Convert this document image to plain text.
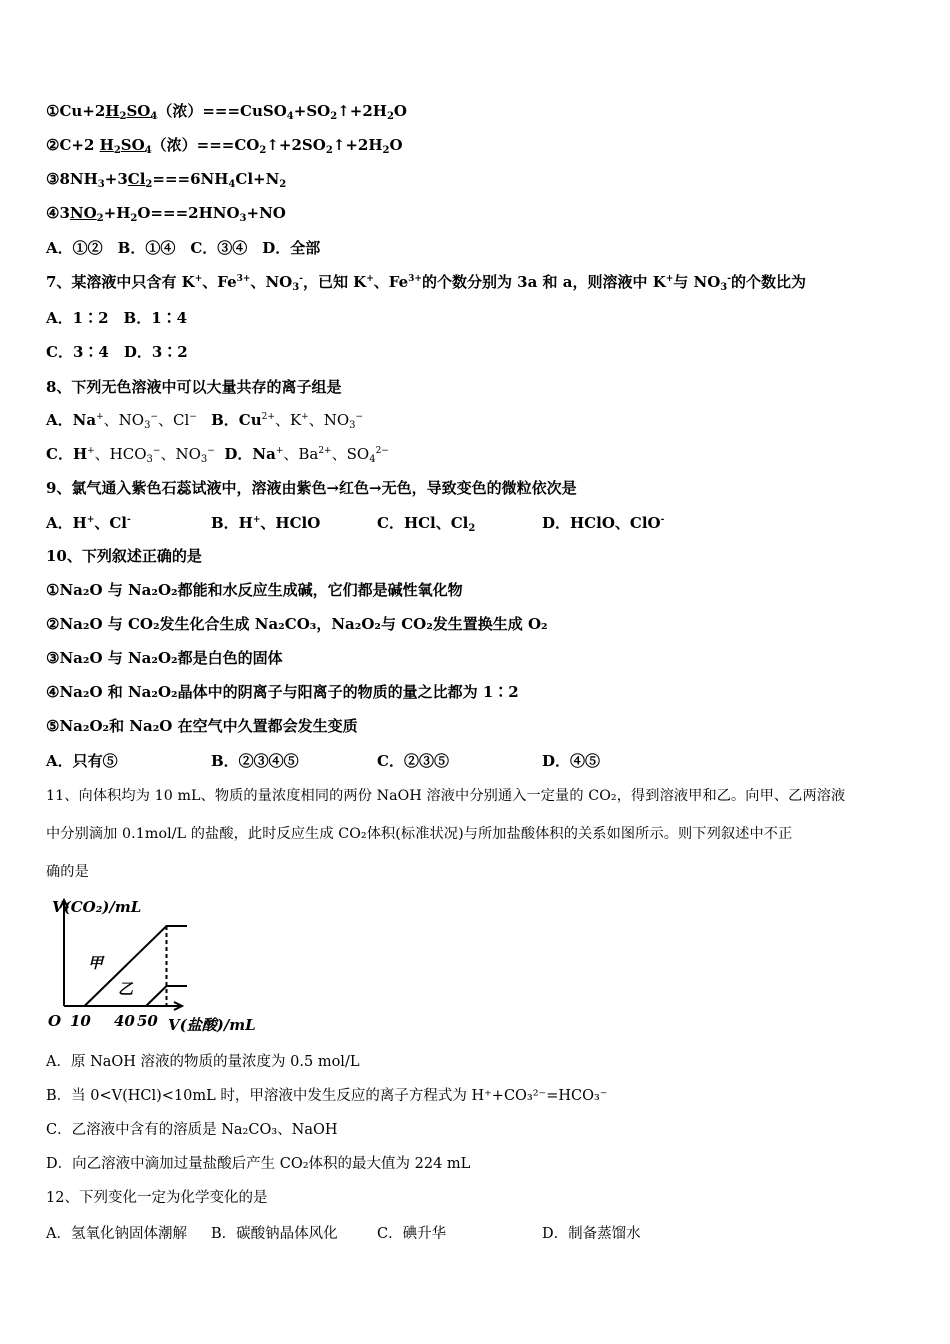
$①Cu+2H_2SO_4$（浓）$===CuSO_4+SO_2↑+2H_2O$
②C+2 $H_2SO_4$（浓）$===CO_2↑+2SO_2↑+2H_2O$
$③8NH_3+3Cl_2===6NH_4Cl+N_2$
$④3NO_2+H_2O===2HNO_3+NO$
A．①②　B．①④　C．③④　D．全部
7、某溶液中只含有 K+、$Fe^{3+}$、$NO_3^-$，已知 K+、$Fe^{3+}$的个数分别为 3a 和 a，则溶液中 K+与 $NO_3^-$的个数比为
A．1∶2　B．1∶4
C．3∶4　D．3∶2
8、下列无色溶液中可以大量共存的离子组是
A．Na+、$NO_3^-$、Cl− B．$Cu^{2+}$、K+、$NO_3^-$
C．H+、$HCO_3^-$、$NO_3^-$ D．Na+、$Ba^{2+}$、$SO_4^{2-}$
9、氯气通入紫色石蕊试液中，溶液由紫色→红色→无色，导致变色的微粒依次是
A．H+、Cl-	B．H+、HClO	C．HCl、$Cl_2$	D．HClO、ClO-
10、下列叙述正确的是
①Na₂O 与 Na₂O₂都能和水反应生成碱，它们都是碱性氧化物
②Na₂O 与 CO₂发生化合生成 Na₂CO₃，Na₂O₂与 CO₂发生置换生成 O₂
③Na₂O 与 Na₂O₂都是白色的固体
④Na₂O 和 Na₂O₂晶体中的阴离子与阳离子的物质的量之比都为 1∶2
⑤Na₂O₂和 Na₂O 在空气中久置都会发生变质
A．只有⑤	B．②③④⑤	C．②③⑤	D．④⑤
11、向体积均为 10 mL、物质的量浓度相同的两份 NaOH 溶液中分别通入一定量的 CO₂，得到溶液甲和乙。向甲、乙两溶液
中分别滴加 0.1mol/L 的盐酸，此时反应生成 CO₂体积(标准状况)与所加盐酸体积的关系如图所示。则下列叙述中不正
确的是
V(CO₂)/mL
V(盐酸)/mL
O 10 40 50
甲
乙
A．原 NaOH 溶液的物质的量浓度为 0.5 mol/L
B．当 0<V(HCl)<10mL 时，甲溶液中发生反应的离子方程式为 H⁺+CO₃²⁻=HCO₃⁻
C．乙溶液中含有的溶质是 Na₂CO₃、NaOH
D．向乙溶液中滴加过量盐酸后产生 CO₂体积的最大值为 224 mL
12、下列变化一定为化学变化的是
A．氢氧化钠固体潮解 B．碳酸钠晶体风化	C．碘升华	D．制备蒸馏水
